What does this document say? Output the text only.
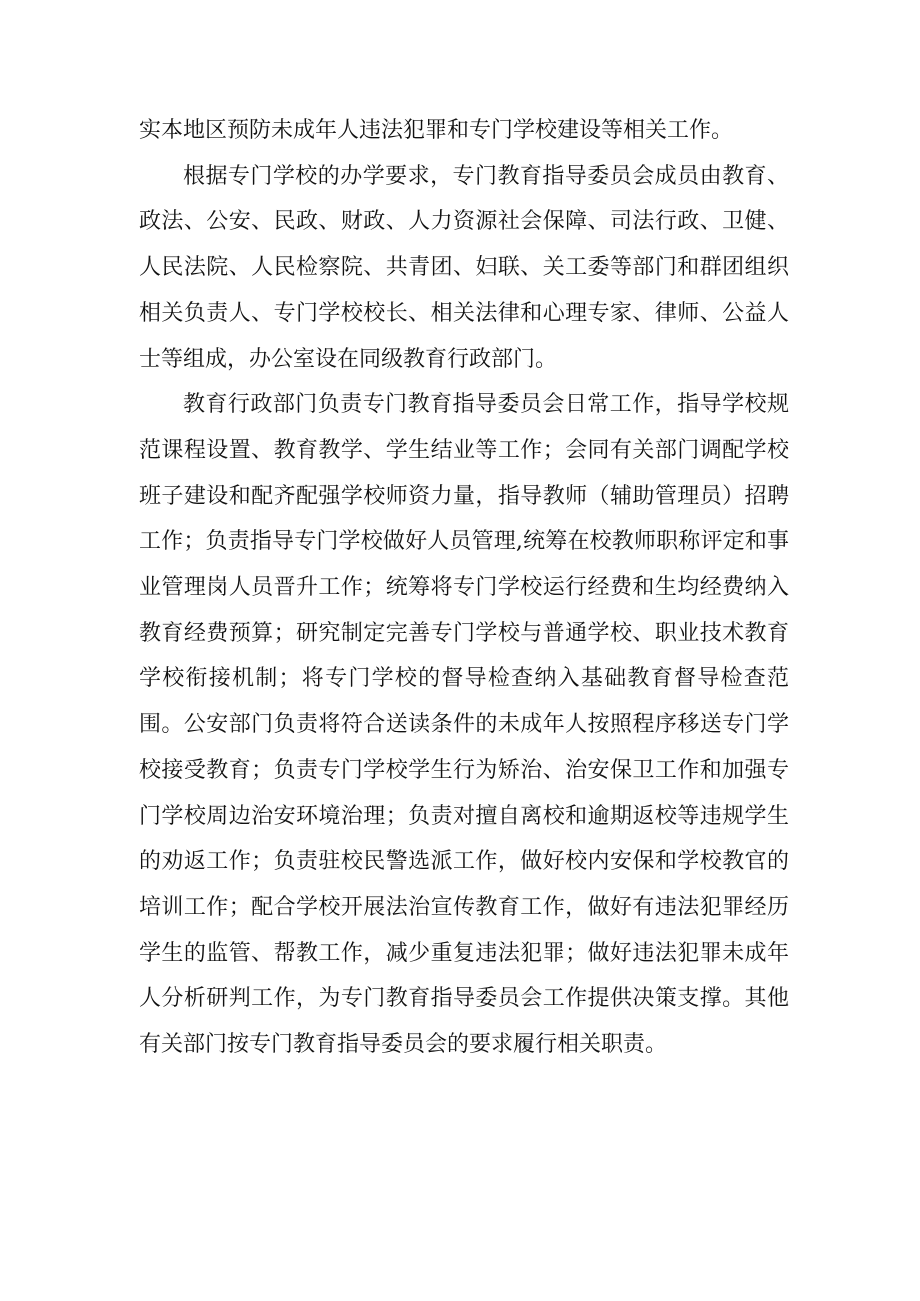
实本地区预防未成年人违法犯罪和专门学校建设等相关工作。

根据专门学校的办学要求，专门教育指导委员会成员由教育、政法、公安、民政、财政、人力资源社会保障、司法行政、卫健、人民法院、人民检察院、共青团、妇联、关工委等部门和群团组织相关负责人、专门学校校长、相关法律和心理专家、律师、公益人士等组成，办公室设在同级教育行政部门。

教育行政部门负责专门教育指导委员会日常工作，指导学校规范课程设置、教育教学、学生结业等工作；会同有关部门调配学校班子建设和配齐配强学校师资力量，指导教师（辅助管理员）招聘工作；负责指导专门学校做好人员管理,统筹在校教师职称评定和事业管理岗人员晋升工作；统筹将专门学校运行经费和生均经费纳入教育经费预算；研究制定完善专门学校与普通学校、职业技术教育学校衔接机制；将专门学校的督导检查纳入基础教育督导检查范围。公安部门负责将符合送读条件的未成年人按照程序移送专门学校接受教育；负责专门学校学生行为矫治、治安保卫工作和加强专门学校周边治安环境治理；负责对擅自离校和逾期返校等违规学生的劝返工作；负责驻校民警选派工作，做好校内安保和学校教官的培训工作；配合学校开展法治宣传教育工作，做好有违法犯罪经历学生的监管、帮教工作，减少重复违法犯罪；做好违法犯罪未成年人分析研判工作，为专门教育指导委员会工作提供决策支撑。其他有关部门按专门教育指导委员会的要求履行相关职责。
